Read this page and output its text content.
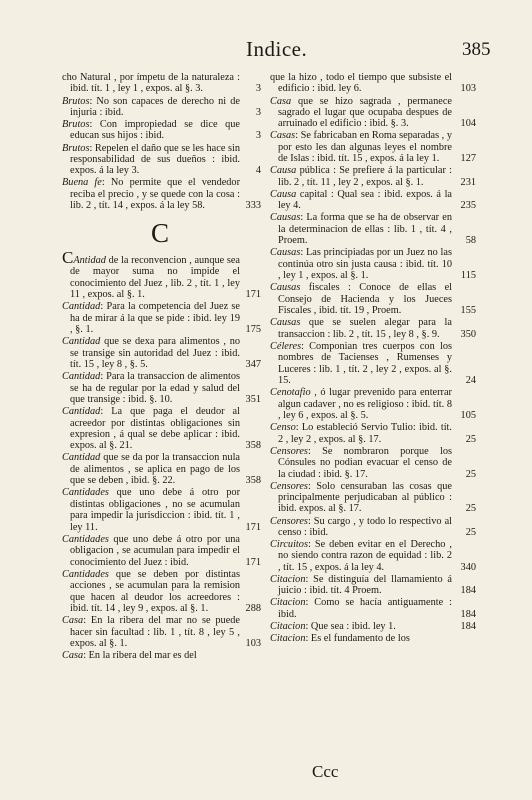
Indice.	385
cho Natural , por ímpetu de la naturaleza : ibid. tít. 1 , ley 1 , expos. al §. 3.	3
Brutos: No son capaces de derecho ni de injuria : ibid.	3
Brutos: Con impropiedad se dice que educan sus hijos : ibid.	3
Brutos: Repelen el daño que se les hace sin responsabilidad de sus dueños : ibid. expos. á la ley 3.	4
Buena fe: No permite que el vendedor reciba el precio , y se quede con la cosa : lib. 2 , tít. 14 , expos. á la ley 58.	333
C
CAntidad de la reconvencion , aunque sea de mayor suma no impide el conocimiento del Juez , lib. 2 , tít. 1 , ley 11 , expos. al §. 1.	171
Cantidad: Para la competencia del Juez se ha de mirar á la que se pide : ibid. ley 19 , §. 1.	175
Cantidad que se dexa para alimentos , no se transige sin autoridad del Juez : ibid. tít. 15 , ley 8 , §. 5.	347
Cantidad: Para la transaccion de alimentos se ha de regular por la edad y salud del que transige : ibid. §. 10.	351
Cantidad: La que paga el deudor al acreedor por distintas obligaciones sin expresion , á qual se debe aplicar : ibid. expos. al §. 21.	358
Cantidad que se da por la transaccion nula de alimentos , se aplica en pago de los que se deben , ibid. §. 22.	358
Cantidades que uno debe á otro por distintas obligaciones , no se acumulan para impedir la jurisdiccion : ibid. tít. 1 , ley 11.	171
Cantidades que uno debe á otro por una obligacion , se acumulan para impedir el conocimiento del Juez : ibid.	171
Cantidades que se deben por distintas acciones , se acumulan para la remision que hacen al deudor los acreedores : ibid. tít. 14 , ley 9 , expos. al §. 1.	288
Casa: En la ribera del mar no se puede hacer sin facultad : lib. 1 , tít. 8 , ley 5 , expos. al §. 1.	103
Casa: En la ribera del mar es del
que la hizo , todo el tiempo que subsiste el edificio : ibid. ley 6.	103
Casa que se hizo sagrada , permanece sagrado el lugar que ocupaba despues de arruinado el edificio : ibid. §. 3.	104
Casas: Se fabricaban en Roma separadas , y por esto les dan algunas leyes el nombre de Islas : ibid. tít. 15 , expos. á la ley 1.	127
Causa pública : Se prefiere á la particular : lib. 2 , tít. 11 , ley 2 , expos. al §. 1.	231
Causa capital : Qual sea : ibid. expos. á la ley 4.	235
Causas: La forma que se ha de observar en la determinacion de ellas : lib. 1 , tít. 4 , Proem.	58
Causas: Las principiadas por un Juez no las continúa otro sin justa causa : ibid. tít. 10 , ley 1 , expos. al §. 1.	115
Causas fiscales : Conoce de ellas el Consejo de Hacienda y los Jueces Fiscales , ibid. tít. 19 , Proem.	155
Causas que se suelen alegar para la transaccion : lib. 2 , tít. 15 , ley 8 , §. 9.	350
Céleres: Componian tres cuerpos con los nombres de Tacienses , Rumenses y Luceres : lib. 1 , tít. 2 , ley 2 , expos. al §. 15.	24
Cenotafio , ó lugar prevenido para enterrar algun cadaver , no es religioso : ibid. tít. 8 , ley 6 , expos. al §. 5.	105
Censo: Lo estableció Servio Tulio: ibid. tít. 2 , ley 2 , expos. al §. 17.	25
Censores: Se nombraron porque los Cónsules no podian evacuar el censo de la ciudad : ibid. §. 17.	25
Censores: Solo censuraban las cosas que principalmente perjudicaban al público : ibid. expos. al §. 17.	25
Censores: Su cargo , y todo lo respectivo al censo : ibid.	25
Circuitos: Se deben evitar en el Derecho , no siendo contra razon de equidad : lib. 2 , tít. 15 , expos. á la ley 4.	340
Citacion: Se distinguía del llamamiento á juicio : ibid. tít. 4 Proem.	184
Citacion: Como se hacía antiguamente : ibid.	184
Citacion: Que sea : ibid. ley 1.	184
Citacion: Es el fundamento de los
Ccc
